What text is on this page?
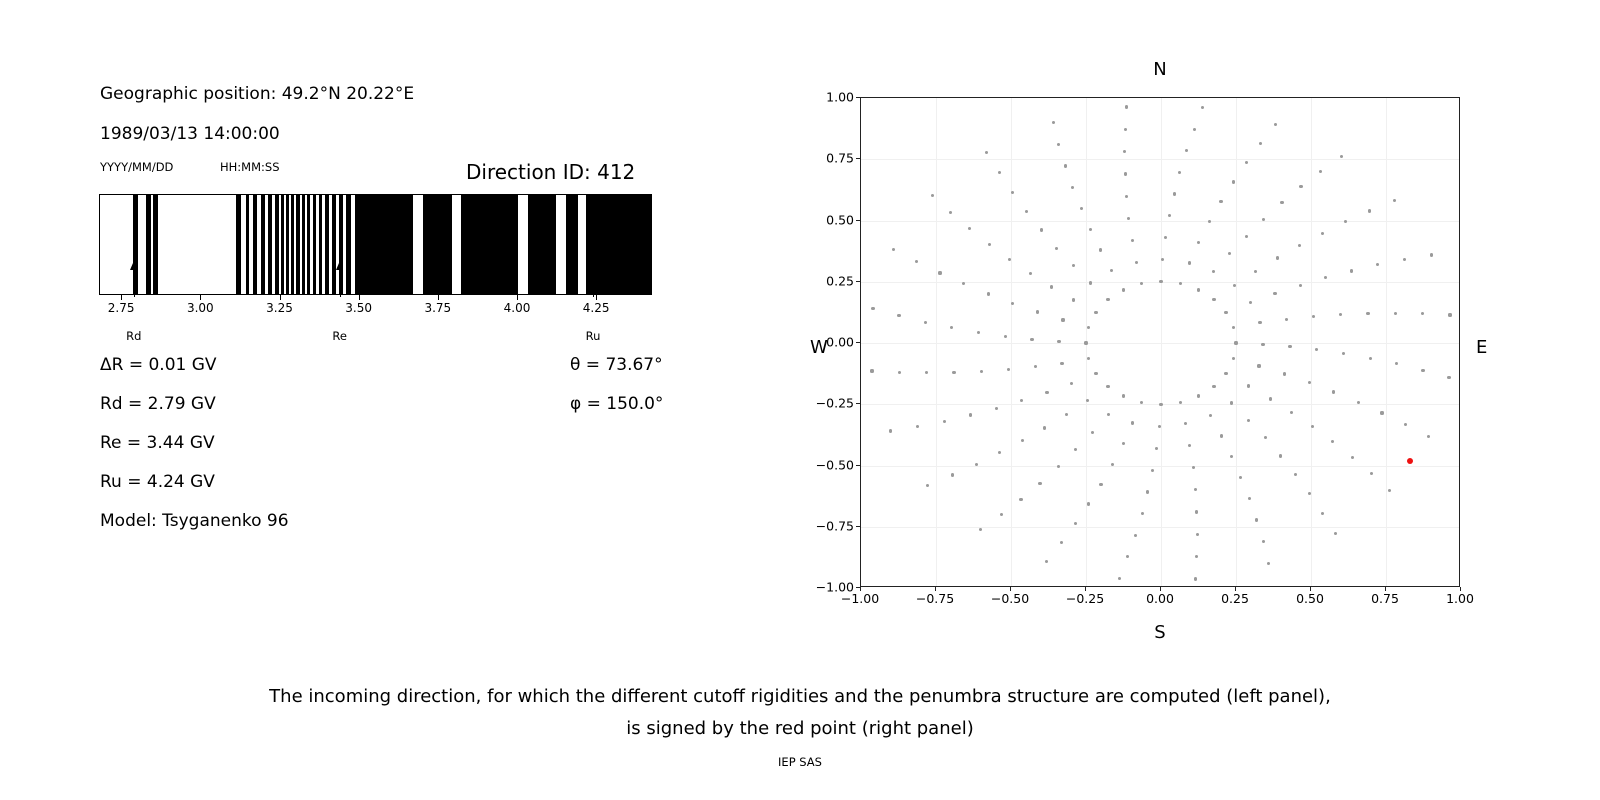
Geographic position: 49.2°N 20.22°E
1989/03/13 14:00:00
YYYY/MM/DD	HH:MM:SS	Direction ID: 412
2.75	3.00	3.25	3.50	3.75	4.00	4.25
Rd	Re	Ru
ΔR = 0.01 GV
Rd = 2.79 GV
Re = 3.44 GV
Ru = 4.24 GV
Model: Tsyganenko 96
θ = 73.67°
φ = 150.0°
N
S
W	E
−1.00	−0.75	−0.50	−0.25	0.00	0.25	0.50	0.75	1.00
−1.00
−0.75
−0.50
−0.25
0.00
0.25
0.50
0.75
1.00
The incoming direction, for which the different cutoff rigidities and the penumbra structure are computed (left panel),
is signed by the red point (right panel)
IEP SAS
